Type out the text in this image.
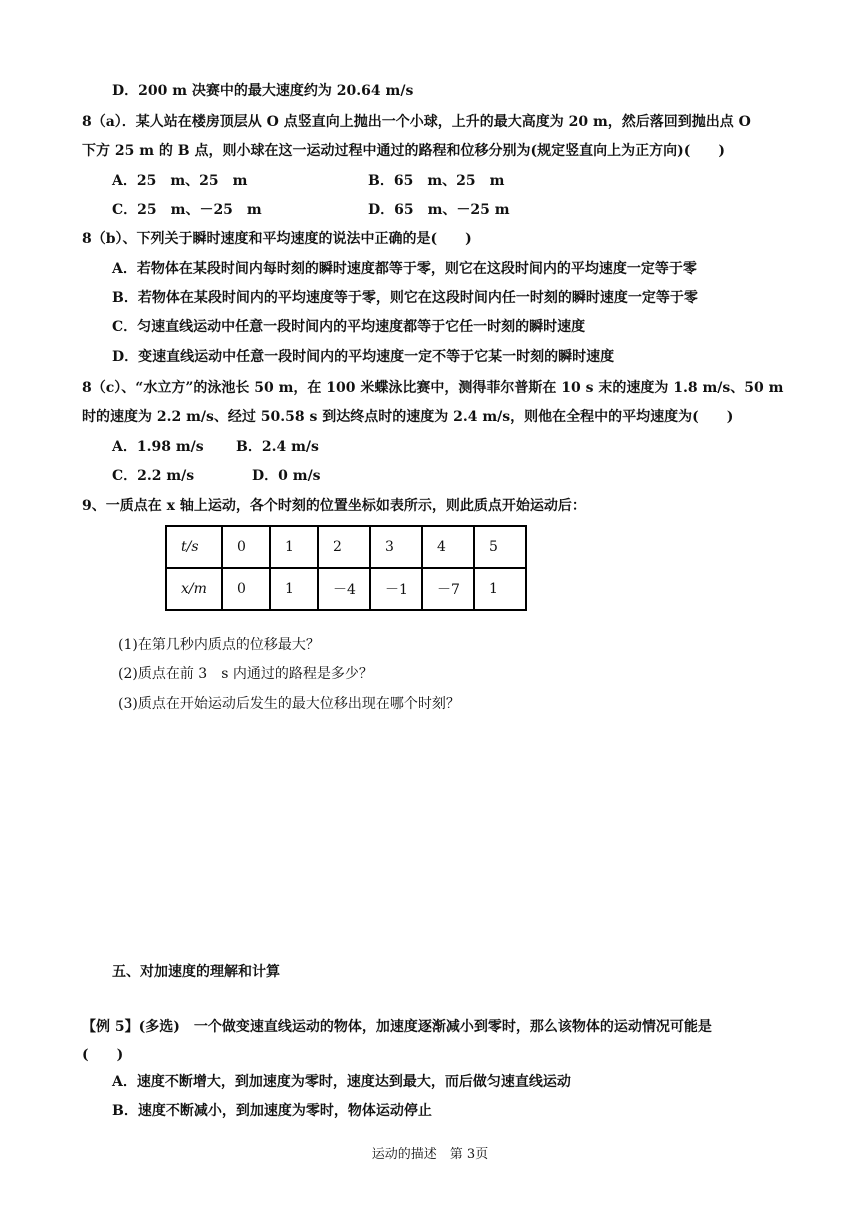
D．200 m 决赛中的最大速度约为 20.64 m/s
8（a）．某人站在楼房顶层从 O 点竖直向上抛出一个小球，上升的最大高度为 20 m，然后落回到抛出点 O
下方 25 m 的 B 点，则小球在这一运动过程中通过的路程和位移分别为(规定竖直向上为正方向)(　　)
A．25　m、25　m	B．65　m、25　m
C．25　m、－25　m	D．65　m、－25 m
8（b）、下列关于瞬时速度和平均速度的说法中正确的是(　　)
A．若物体在某段时间内每时刻的瞬时速度都等于零，则它在这段时间内的平均速度一定等于零
B．若物体在某段时间内的平均速度等于零，则它在这段时间内任一时刻的瞬时速度一定等于零
C．匀速直线运动中任意一段时间内的平均速度都等于它任一时刻的瞬时速度
D．变速直线运动中任意一段时间内的平均速度一定不等于它某一时刻的瞬时速度
8（c）、“水立方”的泳池长 50 m，在 100 米蝶泳比赛中，测得菲尔普斯在 10 s 末的速度为 1.8 m/s、50 m
时的速度为 2.2 m/s、经过 50.58 s 到达终点时的速度为 2.4 m/s，则他在全程中的平均速度为(　　)
A．1.98 m/s B．2.4 m/s
C．2.2 m/s	D．0 m/s
9、一质点在 x 轴上运动，各个时刻的位置坐标如表所示，则此质点开始运动后：
t/s	0	1	2	3	4	5
x/m	0	1	－4	－1	－7	1
(1)在第几秒内质点的位移最大？
(2)质点在前 3　s 内通过的路程是多少？
(3)质点在开始运动后发生的最大位移出现在哪个时刻？
五、对加速度的理解和计算
【例 5】(多选)　一个做变速直线运动的物体，加速度逐渐减小到零时，那么该物体的运动情况可能是
(　　)
A．速度不断增大，到加速度为零时，速度达到最大，而后做匀速直线运动
B．速度不断减小，到加速度为零时，物体运动停止
运动的描述　第 3页
